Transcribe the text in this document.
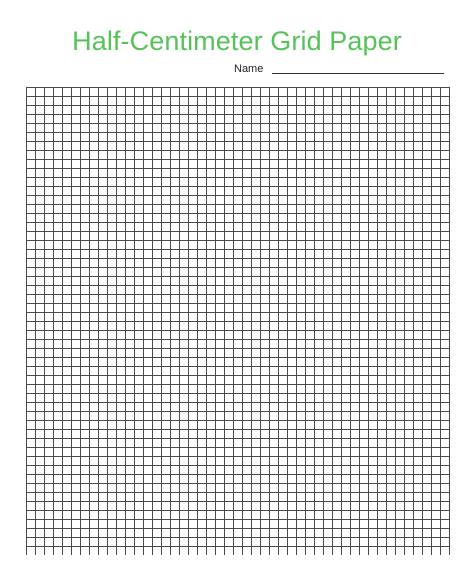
Half-Centimeter Grid Paper
Name
